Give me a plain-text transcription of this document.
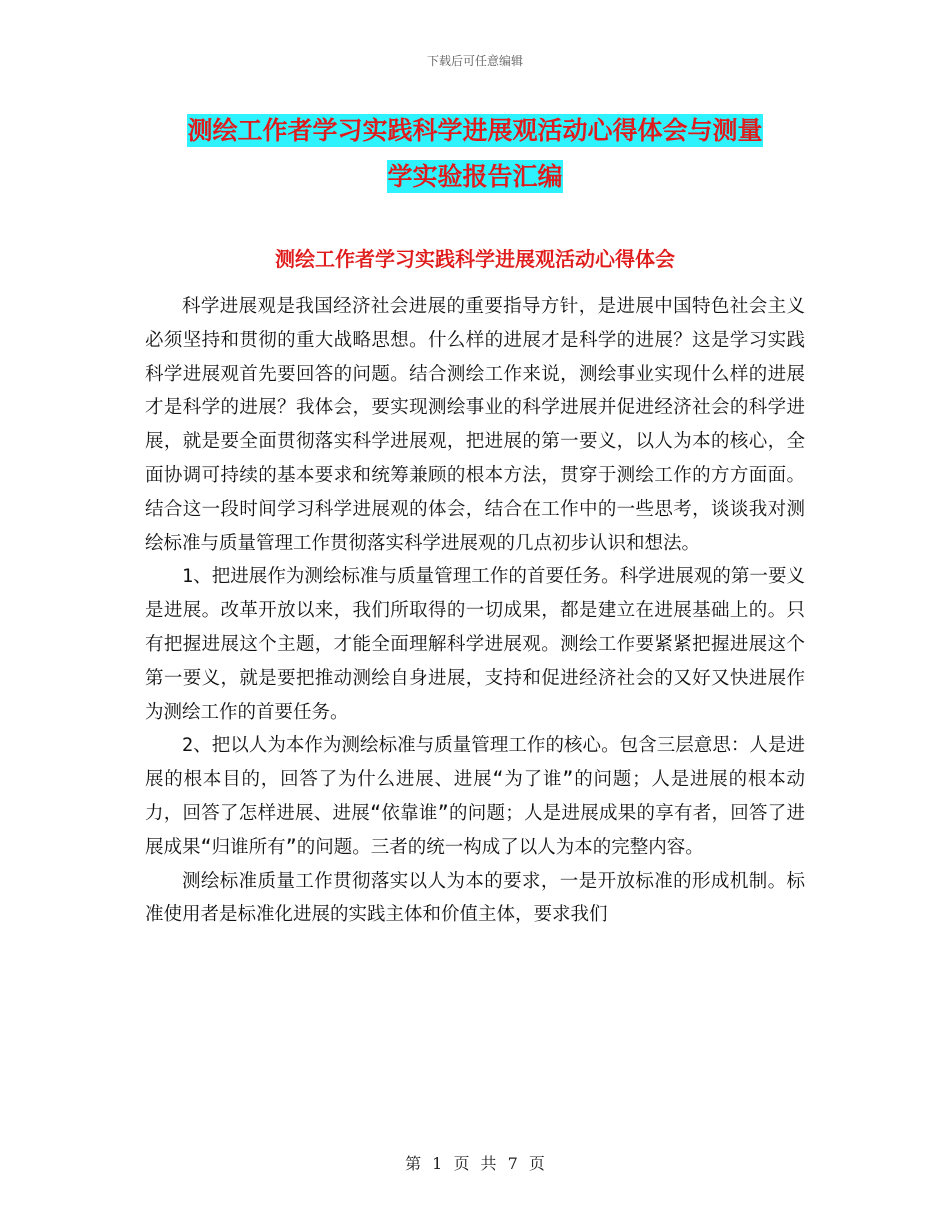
下载后可任意编辑
测绘工作者学习实践科学进展观活动心得体会与测量
学实验报告汇编
测绘工作者学习实践科学进展观活动心得体会

科学进展观是我国经济社会进展的重要指导方针，是进展中国特色社会主义必须坚持和贯彻的重大战略思想。什么样的进展才是科学的进展？这是学习实践科学进展观首先要回答的问题。结合测绘工作来说，测绘事业实现什么样的进展才是科学的进展？我体会，要实现测绘事业的科学进展并促进经济社会的科学进展，就是要全面贯彻落实科学进展观，把进展的第一要义，以人为本的核心，全面协调可持续的基本要求和统筹兼顾的根本方法，贯穿于测绘工作的方方面面。结合这一段时间学习科学进展观的体会，结合在工作中的一些思考，谈谈我对测绘标准与质量管理工作贯彻落实科学进展观的几点初步认识和想法。

1、把进展作为测绘标准与质量管理工作的首要任务。科学进展观的第一要义是进展。改革开放以来，我们所取得的一切成果，都是建立在进展基础上的。只有把握进展这个主题，才能全面理解科学进展观。测绘工作要紧紧把握进展这个第一要义，就是要把推动测绘自身进展，支持和促进经济社会的又好又快进展作为测绘工作的首要任务。

2、把以人为本作为测绘标准与质量管理工作的核心。包含三层意思：人是进展的根本目的，回答了为什么进展、进展“为了谁”的问题；人是进展的根本动力，回答了怎样进展、进展“依靠谁”的问题；人是进展成果的享有者，回答了进展成果“归谁所有”的问题。三者的统一构成了以人为本的完整内容。

测绘标准质量工作贯彻落实以人为本的要求，一是开放标准的形成机制。标准使用者是标准化进展的实践主体和价值主体，要求我们

第 1 页 共 7 页
